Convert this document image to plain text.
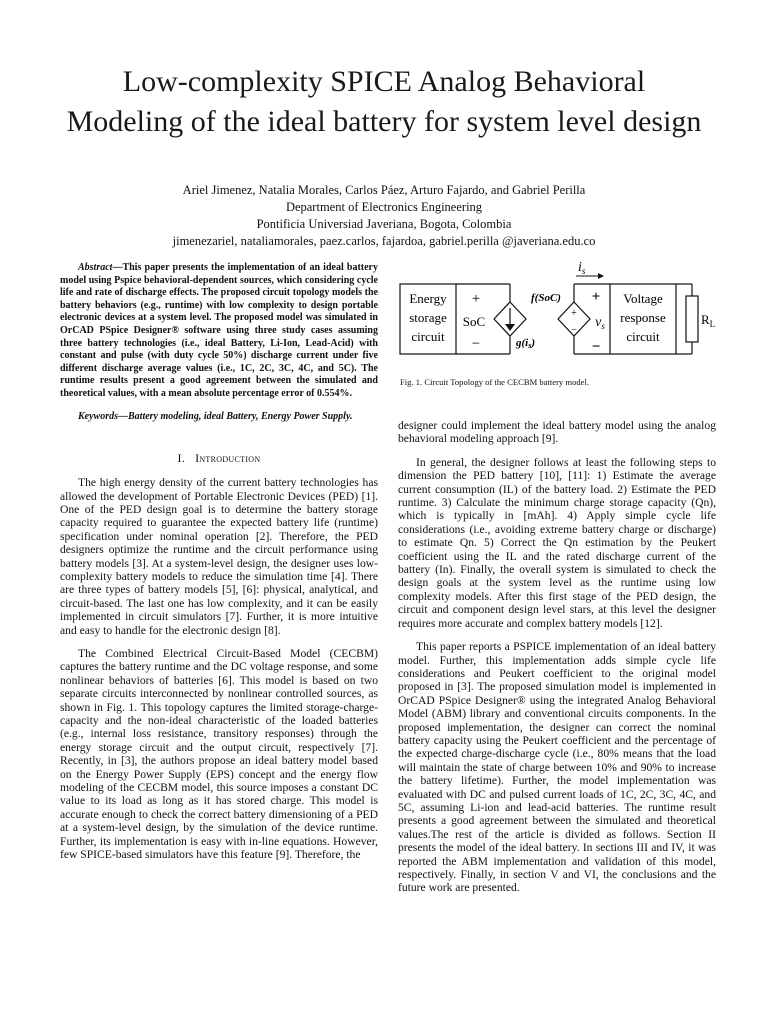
Low-complexity SPICE Analog Behavioral
Modeling of the ideal battery for system level design
Ariel Jimenez, Natalia Morales, Carlos Páez, Arturo Fajardo, and Gabriel Perilla
Department of Electronics Engineering
Pontificia Universiad Javeriana, Bogota, Colombia
jimenezariel, nataliamorales, paez.carlos, fajardoa, gabriel.perilla @javeriana.edu.co

Abstract—This paper presents the implementation of an ideal battery model using Pspice behavioral-dependent sources, which considering cycle life and rate of discharge effects. The proposed circuit topology models the battery behaviors (e.g., runtime) with low complexity to design portable electronic devices at a system level. The proposed model was simulated in OrCAD PSpice Designer® software using three study cases assuming three battery technologies (i.e., ideal Battery, Li-Ion, Lead-Acid) with constant and pulse (with duty cycle 50%) discharge current under five different discharge average values (i.e., 1C, 2C, 3C, 4C, and 5C). The runtime results present a good agreement between the simulated and theoretical values, with a mean absolute percentage error of 0.554%.

Keywords—Battery modeling, ideal Battery, Energy Power Supply.

I. Introduction

The high energy density of the current battery technologies has allowed the development of Portable Electronic Devices (PED) [1]. One of the PED design goal is to determine the battery storage capacity required to guarantee the expected battery life (runtime) specification under nominal operation [2]. Therefore, the PED designers optimize the runtime and the circuit performance using battery models [3]. At a system-level design, the designer uses low-complexity battery models to reduce the simulation time [4]. There are three types of battery models [5], [6]: physical, analytical, and circuit-based. The last one has low complexity, and it can be easily implemented in circuit simulators [7]. Further, it is more intuitive and easy to handle for the electronic design [8].

The Combined Electrical Circuit-Based Model (CECBM) captures the battery runtime and the DC voltage response, and some nonlinear behaviors of batteries [6]. This model is based on two separate circuits interconnected by nonlinear controlled sources, as shown in Fig. 1. This topology captures the limited storage-charge-capacity and the non-ideal characteristic of the loaded batteries (e.g., internal loss resistance, transitory responses) through the energy storage circuit and the output circuit, respectively [7]. Recently, in [3], the authors propose an ideal battery model based on the Energy Power Supply (EPS) concept and the energy flow modeling of the CECBM model, this source imposes a constant DC value to its load as long as it has stored charge. This model is accurate enough to check the correct battery dimensioning of a PED at a system-level design, by the simulation of the device runtime. Further, its implementation is easy with in-line equations. However, few SPICE-based simulators have this feature [9]. Therefore, the

Energy
storage
circuit
+
SoC
−	g(is)
f(SoC)
+
−
$i_s$
+
$v_s$
−
Voltage
response
circuit
$R_L$
Fig. 1. Circuit Topology of the CECBM battery model.

designer could implement the ideal battery model using the analog behavioral modeling approach [9].

In general, the designer follows at least the following steps to dimension the PED battery [10], [11]: 1) Estimate the average current consumption (IL) of the battery load. 2) Estimate the PED runtime. 3) Calculate the minimum charge storage capacity (Qn), which is typically in [mAh]. 4) Apply simple cycle life considerations (i.e., avoiding extreme battery charge or discharge) to estimate Qn. 5) Correct the Qn estimation by the Peukert coefficient using the IL and the rated discharge current of the battery (In). Finally, the overall system is simulated to check the design goals at the system level as the runtime using low complexity models. After this first stage of the PED design, the circuit and component design level stars, at this level the designer requires more accurate and complex battery models [12].

This paper reports a PSPICE implementation of an ideal battery model. Further, this implementation adds simple cycle life considerations and Peukert coefficient to the original model proposed in [3]. The proposed simulation model is implemented in OrCAD PSpice Designer® using the integrated Analog Behavioral Model (ABM) library and conventional circuits components. In the proposed implementation, the designer can correct the nominal battery capacity using the Peukert coefficient and the percentage of the expected charge-discharge cycle (i.e., 80% means that the load will maintain the state of charge between 10% and 90% to increase the battery lifetime). Further, the model implementation was evaluated with DC and pulsed current loads of 1C, 2C, 3C, 4C, and 5C, assuming Li-ion and lead-acid batteries. The runtime result presents a good agreement between the simulated and theoretical values.The rest of the article is divided as follows. Section II presents the model of the ideal battery. In sections III and IV, it was reported the ABM implementation and validation of this model, respectively. Finally, in section V and VI, the conclusions and the future work are presented.
